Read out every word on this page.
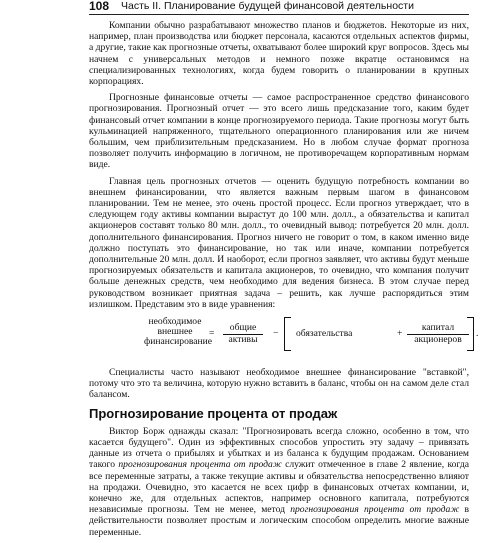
108 Часть II. Планирование будущей финансовой деятельности

Компании обычно разрабатывают множество планов и бюджетов. Некоторые из них, например, план производства или бюджет персонала, касаются отдельных аспектов фирмы, а другие, такие как прогнозные отчеты, охватывают более широкий круг вопросов. Здесь мы начнем с универсальных методов и немного позже вкратце остановимся на специализированных технологиях, когда будем говорить о планировании в крупных корпорациях.

Прогнозные финансовые отчеты — самое распространенное средство финансового прогнозирования. Прогнозный отчет — это всего лишь предсказание того, каким будет финансовый отчет компании в конце прогнозируемого периода. Такие прогнозы могут быть кульминацией напряженного, тщательного операционного планирования или же ничем большим, чем приблизительным предсказанием. Но в любом случае формат прогноза позволяет получить информацию в логичном, не противоречащем корпоративным нормам виде.

Главная цель прогнозных отчетов — оценить будущую потребность компании во внешнем финансировании, что является важным первым шагом в финансовом планировании. Тем не менее, это очень простой процесс. Если прогноз утверждает, что в следующем году активы компании вырастут до 100 млн. долл., а обязательства и капитал акционеров составят только 80 млн. долл., то очевидный вывод: потребуется 20 млн. долл. дополнительного финансирования. Прогноз ничего не говорит о том, в каком именно виде должно поступать это финансирование, но так или иначе, компании потребуется дополнительные 20 млн. долл. И наоборот, если прогноз заявляет, что активы будут меньше прогнозируемых обязательств и капитала акционеров, то очевидно, что компания получит больше денежных средств, чем необходимо для ведения бизнеса. В этом случае перед руководством возникает приятная задача – решить, как лучше распорядиться этим излишком. Представим это в виде уравнения:

необходимое внешнее финансирование
=
общие
активы
− обязательства	+
капитал
акционеров
.

Специалисты часто называют необходимое внешнее финансирование "вставкой", потому что это та величина, которую нужно вставить в баланс, чтобы он на самом деле стал балансом.

Прогнозирование процента от продаж

Виктор Борж однажды сказал: "Прогнозировать всегда сложно, особенно в том, что касается будущего". Один из эффективных способов упростить эту задачу – привязать данные из отчета о прибылях и убытках и из баланса к будущим продажам. Основанием такого прогнозирования процента от продаж служит отмеченное в главе 2 явление, когда все переменные затраты, а также текущие активы и обязательства непосредственно влияют на продажи. Очевидно, это касается не всех цифр в финансовых отчетах компании, и, конечно же, для отдельных аспектов, например основного капитала, потребуются независимые прогнозы. Тем не менее, метод прогнозирования процента от продаж в действительности позволяет простым и логическим способом определить многие важные переменные.
